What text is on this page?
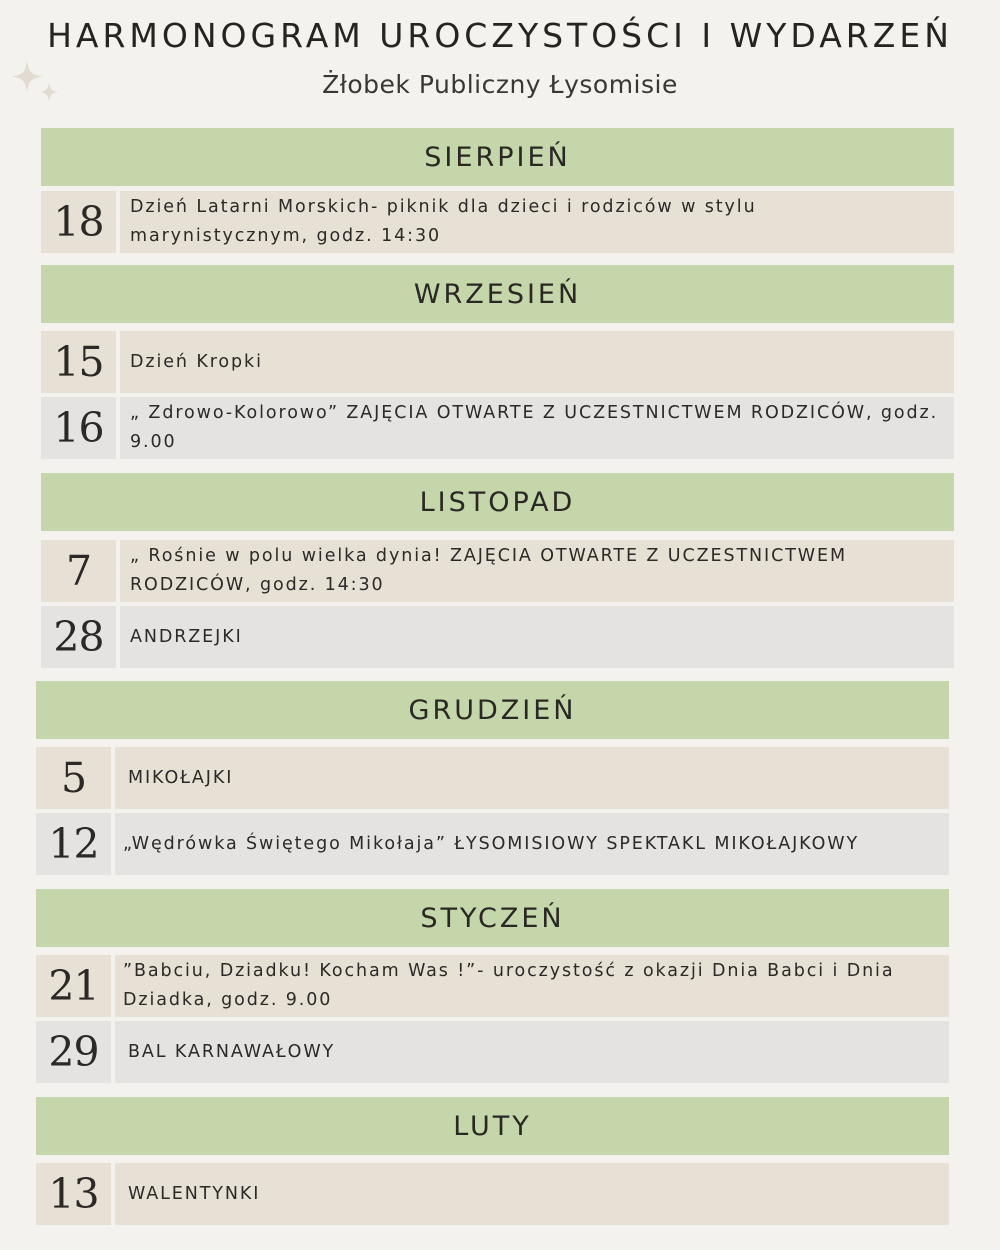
HARMONOGRAM UROCZYSTOŚCI I WYDARZEŃ
Żłobek Publiczny Łysomisie
SIERPIEŃ
18	Dzień Latarni Morskich- piknik dla dzieci i rodziców w stylu marynistycznym, godz. 14:30
WRZESIEŃ
15	Dzień Kropki
16	„ Zdrowo-Kolorowo” ZAJĘCIA OTWARTE Z UCZESTNICTWEM RODZICÓW, godz. 9.00
LISTOPAD
7	„ Rośnie w polu wielka dynia! ZAJĘCIA OTWARTE Z UCZESTNICTWEM RODZICÓW, godz. 14:30
28	ANDRZEJKI
GRUDZIEŃ
5	MIKOŁAJKI
12	„Wędrówka Świętego Mikołaja” ŁYSOMISIOWY SPEKTAKL MIKOŁAJKOWY
STYCZEŃ
21	”Babciu, Dziadku! Kocham Was !”- uroczystość z okazji Dnia Babci i Dnia Dziadka, godz. 9.00
29	BAL KARNAWAŁOWY
LUTY
13	WALENTYNKI
